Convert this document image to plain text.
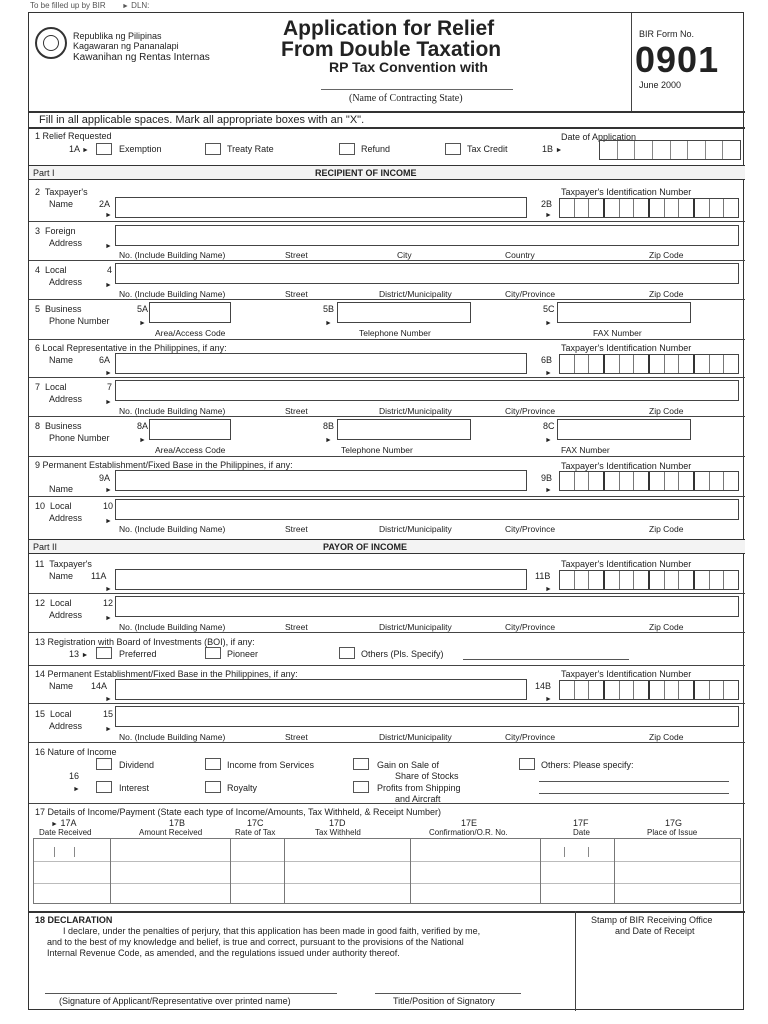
To be filled up by BIR ► DLN:
Republika ng Pilipinas
Kagawaran ng Pananalapi
Kawanihan ng Rentas Internas
Application for Relief
From Double Taxation
RP Tax Convention with
(Name of Contracting State)
BIR Form No.
0901
June 2000
Fill in all applicable spaces. Mark all appropriate boxes with an "X".
1 Relief Requested
1A ►	Exemption	Treaty Rate	Refund	Tax Credit
Date of Application
1B ►
Part I	RECIPIENT OF INCOME
2 Taxpayer's
Name	2A
►
Taxpayer's Identification Number
2B
►
3 Foreign
Address	►
No. (Include Building Name)	Street	City	Country	Zip Code
4 Local
Address
4
►
No. (Include Building Name)	Street	District/Municipality	City/Province	Zip Code
5 Business
Phone Number
5A
►
5B
►
5C
►
Area/Access Code	Telephone Number	FAX Number
6 Local Representative in the Philippines, if any:
Name	6A
►
Taxpayer's Identification Number
6B
►
7 Local
Address
7
►
No. (Include Building Name)	Street	District/Municipality	City/Province	Zip Code
8 Business
Phone Number
8A
►
8B
►
8C
►
Area/Access Code	Telephone Number	FAX Number
9 Permanent Establishment/Fixed Base in the Philippines, if any:
Name
9A
►
Taxpayer's Identification Number
9B
►
10 Local
Address
10
►
No. (Include Building Name)	Street	District/Municipality	City/Province	Zip Code
Part II	PAYOR OF INCOME
11 Taxpayer's
Name 11A
►
Taxpayer's Identification Number
11B
►
12 Local
Address
12
►
No. (Include Building Name)	Street	District/Municipality	City/Province	Zip Code
13 Registration with Board of Investments (BOI), if any:
13 ►	Preferred	Pioneer	Others (Pls. Specify)
14 Permanent Establishment/Fixed Base in the Philippines, if any:
Name 14A
►
Taxpayer's Identification Number
14B
►
15 Local
Address
15
►
No. (Include Building Name)	Street	District/Municipality	City/Province	Zip Code
16 Nature of Income
16
►
Dividend
Interest
Income from Services
Royalty
Gain on Sale of
Share of Stocks
Profits from Shipping
and Aircraft
Others: Please specify:
17 Details of Income/Payment (State each type of Income/Amounts, Tax Withheld, & Receipt Number)
► 17A	17B	17C	17D	17E	17F	17G
Date Received	Amount Received	Rate of Tax	Tax Withheld	Confirmation/O.R. No.	Date	Place of Issue
18 DECLARATION
I declare, under the penalties of perjury, that this application has been made in good faith, verified by me,
and to the best of my knowledge and belief, is true and correct, pursuant to the provisions of the National
Internal Revenue Code, as amended, and the regulations issued under authority thereof.
(Signature of Applicant/Representative over printed name)	Title/Position of Signatory
Stamp of BIR Receiving Office
and Date of Receipt
